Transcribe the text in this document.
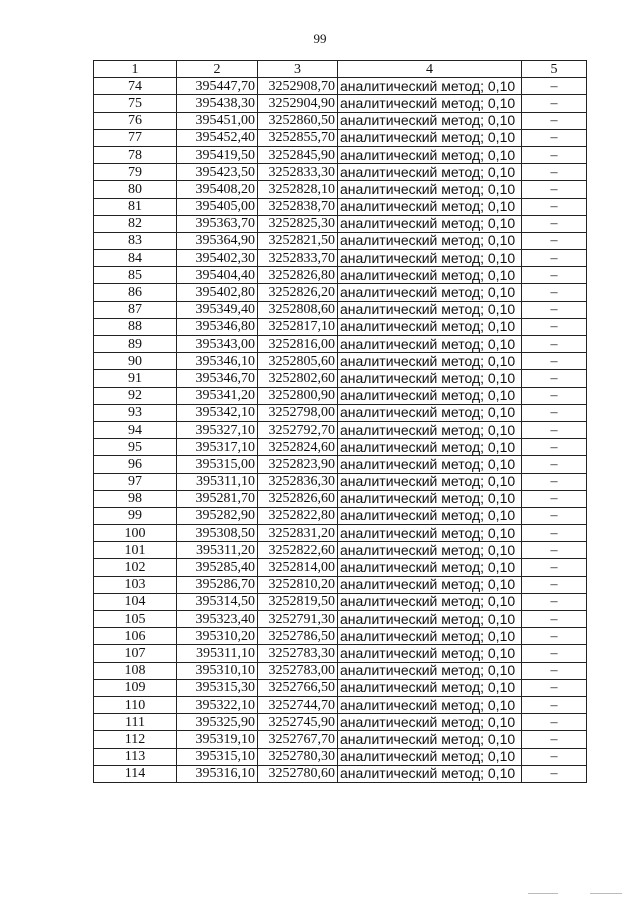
99
1	2	3	4	5
74	395447,70	3252908,70	аналитический метод; 0,10	–
75	395438,30	3252904,90	аналитический метод; 0,10	–
76	395451,00	3252860,50	аналитический метод; 0,10	–
77	395452,40	3252855,70	аналитический метод; 0,10	–
78	395419,50	3252845,90	аналитический метод; 0,10	–
79	395423,50	3252833,30	аналитический метод; 0,10	–
80	395408,20	3252828,10	аналитический метод; 0,10	–
81	395405,00	3252838,70	аналитический метод; 0,10	–
82	395363,70	3252825,30	аналитический метод; 0,10	–
83	395364,90	3252821,50	аналитический метод; 0,10	–
84	395402,30	3252833,70	аналитический метод; 0,10	–
85	395404,40	3252826,80	аналитический метод; 0,10	–
86	395402,80	3252826,20	аналитический метод; 0,10	–
87	395349,40	3252808,60	аналитический метод; 0,10	–
88	395346,80	3252817,10	аналитический метод; 0,10	–
89	395343,00	3252816,00	аналитический метод; 0,10	–
90	395346,10	3252805,60	аналитический метод; 0,10	–
91	395346,70	3252802,60	аналитический метод; 0,10	–
92	395341,20	3252800,90	аналитический метод; 0,10	–
93	395342,10	3252798,00	аналитический метод; 0,10	–
94	395327,10	3252792,70	аналитический метод; 0,10	–
95	395317,10	3252824,60	аналитический метод; 0,10	–
96	395315,00	3252823,90	аналитический метод; 0,10	–
97	395311,10	3252836,30	аналитический метод; 0,10	–
98	395281,70	3252826,60	аналитический метод; 0,10	–
99	395282,90	3252822,80	аналитический метод; 0,10	–
100	395308,50	3252831,20	аналитический метод; 0,10	–
101	395311,20	3252822,60	аналитический метод; 0,10	–
102	395285,40	3252814,00	аналитический метод; 0,10	–
103	395286,70	3252810,20	аналитический метод; 0,10	–
104	395314,50	3252819,50	аналитический метод; 0,10	–
105	395323,40	3252791,30	аналитический метод; 0,10	–
106	395310,20	3252786,50	аналитический метод; 0,10	–
107	395311,10	3252783,30	аналитический метод; 0,10	–
108	395310,10	3252783,00	аналитический метод; 0,10	–
109	395315,30	3252766,50	аналитический метод; 0,10	–
110	395322,10	3252744,70	аналитический метод; 0,10	–
111	395325,90	3252745,90	аналитический метод; 0,10	–
112	395319,10	3252767,70	аналитический метод; 0,10	–
113	395315,10	3252780,30	аналитический метод; 0,10	–
114	395316,10	3252780,60	аналитический метод; 0,10	–
